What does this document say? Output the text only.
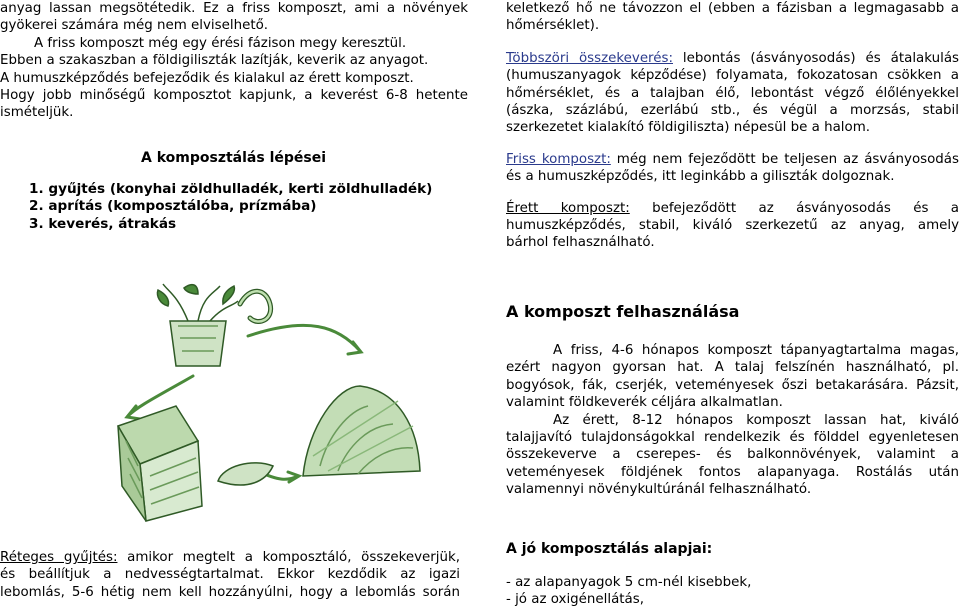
anyag lassan megsötétedik. Ez a friss komposzt, ami a növények
gyökerei számára még nem elviselhető.
A friss komposzt még egy érési fázison megy keresztül.
Ebben a szakaszban a földigiliszták lazítják, keverik az anyagot.
A humuszképződés befejeződik és kialakul az érett komposzt.
Hogy jobb minőségű komposztot kapjunk, a keverést 6-8 hetente
ismételjük.
A komposztálás lépései
1. gyűjtés (konyhai zöldhulladék, kerti zöldhulladék)
2. aprítás (komposztálóba, prízmába)
3. keverés, átrakás
Réteges gyűjtés: amikor megtelt a komposztáló, összekeverjük,
és beállítjuk a nedvességtartalmat. Ekkor kezdődik az igazi
lebomlás, 5-6 hétig nem kell hozzányúlni, hogy a lebomlás során
keletkező hő ne távozzon el (ebben a fázisban a legmagasabb a
hőmérséklet).
Többszöri összekeverés: lebontás (ásványosodás) és átalakulás
(humuszanyagok képződése) folyamata, fokozatosan csökken a
hőmérséklet, és a talajban élő, lebontást végző élőlényekkel
(ászka, százlábú, ezerlábú stb., és végül a morzsás, stabil
szerkezetet kialakító földigiliszta) népesül be a halom.
Friss komposzt: még nem fejeződött be teljesen az ásványosodás
és a humuszképződés, itt leginkább a giliszták dolgoznak.
Érett komposzt: befejeződött az ásványosodás és a
humuszképződés, stabil, kiváló szerkezetű az anyag, amely
bárhol felhasználható.
A komposzt felhasználása
A friss, 4-6 hónapos komposzt tápanyagtartalma magas,
ezért nagyon gyorsan hat. A talaj felszínén használható, pl.
bogyósok, fák, cserjék, veteményesek őszi betakarására. Pázsit,
valamint földkeverék céljára alkalmatlan.
Az érett, 8-12 hónapos komposzt lassan hat, kiváló
talajjavító tulajdonságokkal rendelkezik és földdel egyenletesen
összekeverve a cserepes- és balkonnövények, valamint a
veteményesek földjének fontos alapanyaga. Rostálás után
valamennyi növénykultúránál felhasználható.
A jó komposztálás alapjai:
- az alapanyagok 5 cm-nél kisebbek,
- jó az oxigénellátás,
